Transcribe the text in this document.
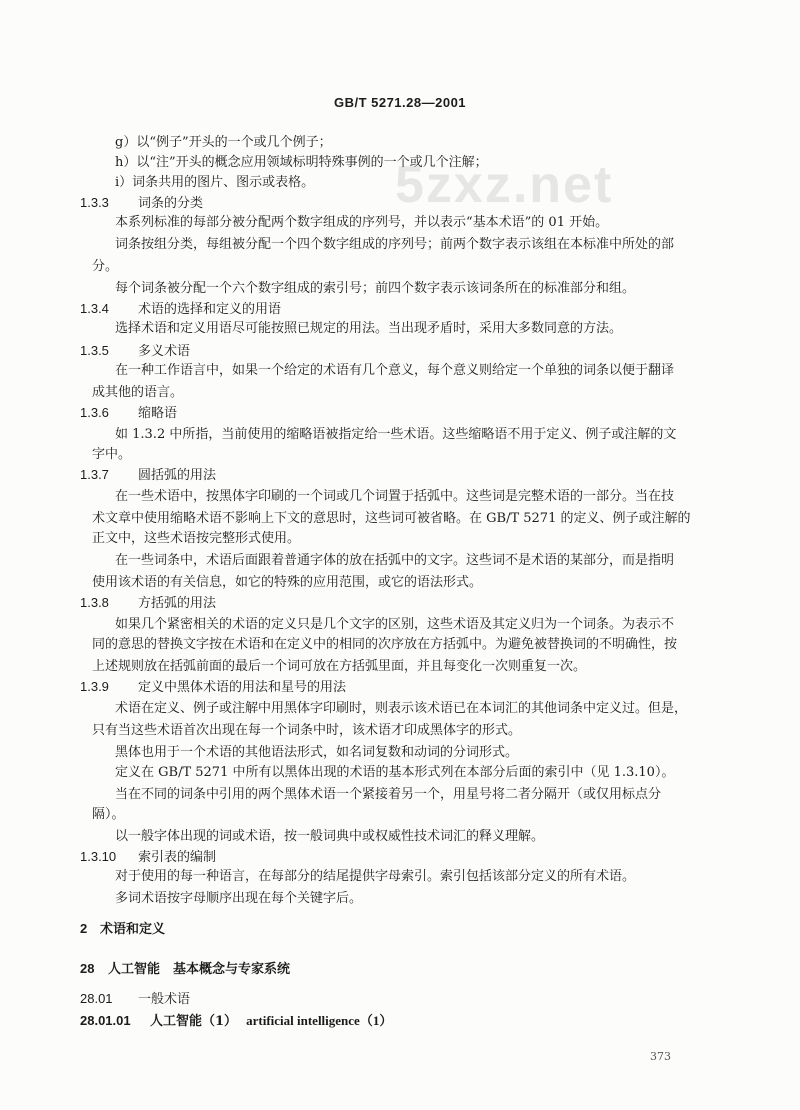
GB/T 5271.28—2001
5zxz.net
g）以“例子”开头的一个或几个例子；
h）以“注”开头的概念应用领域标明特殊事例的一个或几个注解；
i）词条共用的图片、图示或表格。
1.3.3 词条的分类
本系列标准的每部分被分配两个数字组成的序列号，并以表示“基本术语”的 01 开始。
词条按组分类，每组被分配一个四个数字组成的序列号；前两个数字表示该组在本标准中所处的部
分。
每个词条被分配一个六个数字组成的索引号；前四个数字表示该词条所在的标准部分和组。
1.3.4 术语的选择和定义的用语
选择术语和定义用语尽可能按照已规定的用法。当出现矛盾时，采用大多数同意的方法。
1.3.5 多义术语
在一种工作语言中，如果一个给定的术语有几个意义，每个意义则给定一个单独的词条以便于翻译
成其他的语言。
1.3.6 缩略语
如 1.3.2 中所指，当前使用的缩略语被指定给一些术语。这些缩略语不用于定义、例子或注解的文
字中。
1.3.7 圆括弧的用法
在一些术语中，按黑体字印刷的一个词或几个词置于括弧中。这些词是完整术语的一部分。当在技
术文章中使用缩略术语不影响上下文的意思时，这些词可被省略。在 GB/T 5271 的定义、例子或注解的
正文中，这些术语按完整形式使用。
在一些词条中，术语后面跟着普通字体的放在括弧中的文字。这些词不是术语的某部分，而是指明
使用该术语的有关信息，如它的特殊的应用范围，或它的语法形式。
1.3.8 方括弧的用法
如果几个紧密相关的术语的定义只是几个文字的区别，这些术语及其定义归为一个词条。为表示不
同的意思的替换文字按在术语和在定义中的相同的次序放在方括弧中。为避免被替换词的不明确性，按
上述规则放在括弧前面的最后一个词可放在方括弧里面，并且每变化一次则重复一次。
1.3.9 定义中黑体术语的用法和星号的用法
术语在定义、例子或注解中用黑体字印刷时，则表示该术语已在本词汇的其他词条中定义过。但是，
只有当这些术语首次出现在每一个词条中时，该术语才印成黑体字的形式。
黑体也用于一个术语的其他语法形式，如名词复数和动词的分词形式。
定义在 GB/T 5271 中所有以黑体出现的术语的基本形式列在本部分后面的索引中（见 1.3.10）。
当在不同的词条中引用的两个黑体术语一个紧接着另一个，用星号将二者分隔开（或仅用标点分
隔）。
以一般字体出现的词或术语，按一般词典中或权威性技术词汇的释义理解。
1.3.10 索引表的编制
对于使用的每一种语言，在每部分的结尾提供字母索引。索引包括该部分定义的所有术语。
多词术语按字母顺序出现在每个关键字后。
2 术语和定义
28 人工智能　基本概念与专家系统
28.01 一般术语
28.01.01 人工智能（1） artificial intelligence（1）
373
